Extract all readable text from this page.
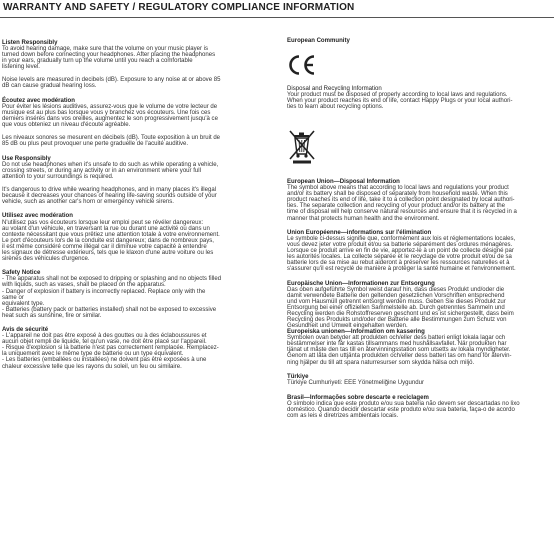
WARRANTY AND SAFETY / REGULATORY COMPLIANCE INFORMATION
Listen Responsibly

To avoid hearing damage, make sure that the volume on your music player is
turned down before connecting your headphones. After placing the headphones
in your ears, gradually turn up the volume until you reach a comfortable
listening level.

Noise levels are measured in decibels (dB). Exposure to any noise at or above 85
dB can cause gradual hearing loss.

Écoutez avec modération

Pour éviter les lésions auditives, assurez-vous que le volume de votre lecteur de
musique est au plus bas lorsque vous y branchez vos écouteurs. Une fois ces
derniers insérés dans vos oreilles, augmentez le son progressivement jusqu'à ce
que vous obteniez un niveau d'écoute agréable.

Les niveaux sonores se mesurent en décibels (dB). Toute exposition à un bruit de
85 dB ou plus peut provoquer une perte graduelle de l'acuité auditive.

Use Responsibly

Do not use headphones when it's unsafe to do such as while operating a vehicle,
crossing streets, or during any activity or in an environment where your full
attention to your surroundings is required.

It's dangerous to drive while wearing headphones, and in many places it's illegal
because it decreases your chances of hearing life-saving sounds outside of your
vehicle, such as another car's horn or emergency vehicle sirens.

Utilisez avec modération

N'utilisez pas vos écouteurs lorsque leur emploi peut se révéler dangereux:
au volant d'un véhicule, en traversant la rue ou durant une activité ou dans un
contexte nécessitant que vous prêtiez une attention totale à votre environnement.
Le port d'écouteurs lors de la conduite est dangereux; dans de nombreux pays,
il est même considéré comme illégal car il diminue votre capacité à entendre
les signaux de détresse extérieurs, tels que le klaxon d'une autre voiture ou les
sirènes des véhicules d'urgence.

Safety Notice

- The apparatus shall not be exposed to dripping or splashing and no objects filled
with liquids, such as vases, shall be placed on the apparatus.
- Danger of explosion if battery is incorrectly replaced. Replace only with the
same or
equivalent type.
- Batteries (battery pack or batteries installed) shall not be exposed to excessive
heat such as sunshine, fire or similar.

Avis de sécurité

- L'appareil ne doit pas être exposé à des gouttes ou à des éclaboussures et
aucun objet rempli de liquide, tel qu'un vase, ne doit être placé sur l'appareil.
- Risque d'explosion si la batterie n'est pas correctement remplacée. Remplacez-
la uniquement avec le même type de batterie ou un type équivalent.
- Les batteries (emballées ou installées) ne doivent pas être exposées à une
chaleur excessive telle que les rayons du soleil, un feu ou similaire.

European Community
Disposal and Recycling Information

Your product must be disposed of properly according to local laws and regulations.
When your product reaches its end of life, contact Happy Plugs or your local authori-
ties to learn about recycling options.

European Union—Disposal Information

The symbol above means that according to local laws and regulations your product
and/or its battery shall be disposed of separately from household waste. When this
product reaches its end of life, take it to a collection point designated by local authori-
ties. The separate collection and recycling of your product and/or its battery at the
time of disposal will help conserve natural resources and ensure that it is recycled in a
manner that protects human health and the environment.

Union Européenne—informations sur l'élimination

Le symbole ci-dessus signifie que, conformément aux lois et réglementations locales,
vous devez jeter votre produit et/ou sa batterie séparément des ordures ménagères.
Lorsque ce produit arrive en fin de vie, apportez-le à un point de collecte désigné par
les autorités locales. La collecte séparée et le recyclage de votre produit et/ou de sa
batterie lors de sa mise au rebut aideront à préserver les ressources naturelles et à
s'assurer qu'il est recyclé de manière à protéger la santé humaine et l'environnement.

Europäische Union—Informationen zur Entsorgung

Das oben aufgeführte Symbol weist darauf hin, dass dieses Produkt und/oder die
damit verwendete Batterie den geltenden gesetzlichen Vorschriften entsprechend
und vom Hausmüll getrennt entsorgt werden muss. Geben Sie dieses Produkt zur
Entsorgung bei einer offiziellen Sammelstelle ab. Durch getrenntes Sammeln und
Recycling werden die Rohstoffreserven geschont und es ist sichergestellt, dass beim
Recycling des Produkts und/oder der Batterie alle Bestimmungen zum Schutz von
Gesundheit und Umwelt eingehalten werden.

Europeiska unionen—Information om kassering

Symbolen ovan betyder att produkten och/eller dess batteri enligt lokala lagar och
bestämmelser inte får kastas tillsammans med hushållsavfallet. När produkten har
tjänat ut måste den tas till en återvinningsstation som utsetts av lokala myndigheter.
Genom att låta den uttjänta produkten och/eller dess batteri tas om hand för återvin-
ning hjälper du till att spara naturresurser som skydda hälsa och miljö.

Türkiye

Türkiye Cumhuriyeti: EEE Yönetmeliğine Uygundur

Brasil—Informações sobre descarte e reciclagem

O símbolo indica que este produto e/ou sua bateria não devem ser descartadas no lixo
doméstico. Quando decidir descartar este produto e/ou sua bateria, faça-o de acordo
com as leis e diretrizes ambientais locais.
